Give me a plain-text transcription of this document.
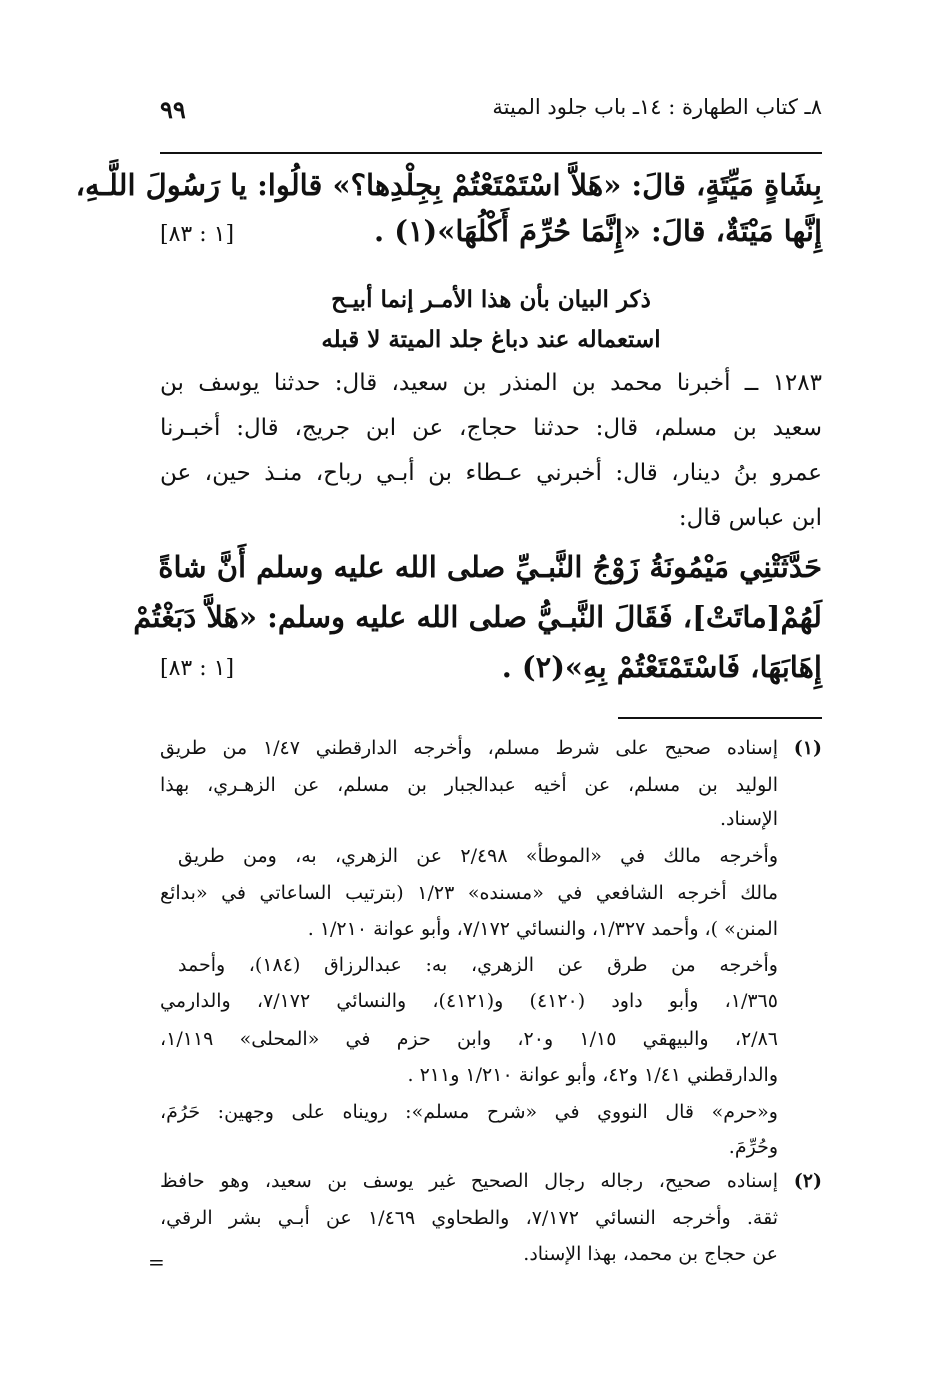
٨ـ كتاب الطهارة : ١٤ـ باب جلود الميتة
٩٩
بِشَاةٍ مَيِّتَةٍ، قالَ: «هَلاَّ اسْتَمْتَعْتُمْ بِجِلْدِها؟» قالُوا: يا رَسُولَ اللَّـهِ،
إِنَّها مَيْتَةٌ، قالَ: «إِنَّمَا حُرِّمَ أَكْلُهَا»(١) .
[١ : ٨٣]
ذكر البيان بأن هذا الأمـر إنما أبيـح
استعماله عند دباغ جلد الميتة لا قبله
١٢٨٣ ــ أخبرنا محمد بن المنذر بن سعيد، قال: حدثنا يوسف بن
سعيد بن مسلم، قال: حدثنا حجاج، عن ابن جريج، قال: أخبـرنا
عمرو بنُ دينار، قال: أخبرني عـطاء بن أبـي رباح، منـذ حين، عن
ابن عباس قال:
حَدَّثَتْنِي مَيْمُونَةُ زَوْجُ النَّبـيِّ صلى الله عليه وسلم أَنَّ شاةً
لَهُمْ[ماتَتْ]، فَقَالَ النَّبـيُّ صلى الله عليه وسلم: «هَلاَّ دَبَغْتُمْ
إِهَابَهَا، فَاسْتَمْتَعْتُمْ بِهِ»(٢) .
[١ : ٨٣]
(١)
إسناده صحيح على شرط مسلم، وأخرجه الدارقطني ١/٤٧ من طريق
الوليد بن مسلم، عن أخيه عبدالجبار بن مسلم، عن الزهـري، بهذا
الإسناد.
وأخرجه مالك في «الموطأ» ٢/٤٩٨ عن الزهري، به، ومن طريق
مالك أخرجه الشافعي في «مسنده» ١/٢٣ (بترتيب الساعاتي في «بدائع
المنن» )، وأحمد ١/٣٢٧، والنسائي ٧/١٧٢، وأبو عوانة ١/٢١٠ .
وأخرجه من طرق عن الزهري، به: عبدالرزاق (١٨٤)، وأحمد
١/٣٦٥، وأبو داود (٤١٢٠) و(٤١٢١)، والنسائي ٧/١٧٢، والدارمي
٢/٨٦، والبيهقي ١/١٥ و٢٠، وابن حزم في «المحلى» ١/١١٩،
والدارقطني ١/٤١ و٤٢، وأبو عوانة ١/٢١٠ و٢١١ .
و«حرم» قال النووي في «شرح مسلم»: رويناه على وجهين: حَرُمَ،
وحُرِّمَ.
(٢)
إسناده صحيح، رجاله رجال الصحيح غير يوسف بن سعيد، وهو حافظ
ثقة. وأخرجه النسائي ٧/١٧٢، والطحاوي ١/٤٦٩ عن أبـي بشر الرقي،
عن حجاج بن محمد، بهذا الإسناد.
=
